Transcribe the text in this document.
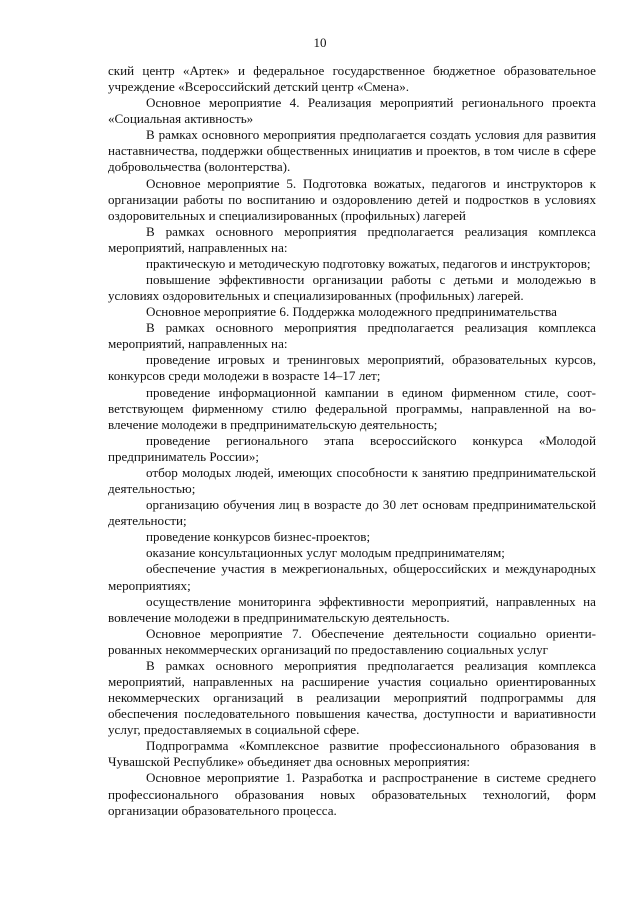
10

ский центр «Артек» и федеральное государственное бюджетное образовательное учреждение «Всероссийский детский центр «Смена».

Основное мероприятие 4. Реализация мероприятий регионального проекта «Социальная активность»

В рамках основного мероприятия предполагается создать условия для развития наставничества, поддержки общественных инициатив и проектов, в том числе в сфере добровольчества (волонтерства).

Основное мероприятие 5. Подготовка вожатых, педагогов и инструкторов к организации работы по воспитанию и оздоровлению детей и подростков в условиях оздоровительных и специализированных (профильных) лагерей

В рамках основного мероприятия предполагается реализация комплекса мероприятий, направленных на:

практическую и методическую подготовку вожатых, педагогов и инструкторов;

повышение эффективности организации работы с детьми и молодежью в условиях оздоровительных и специализированных (профильных) лагерей.

Основное мероприятие 6. Поддержка молодежного предпринимательства

В рамках основного мероприятия предполагается реализация комплекса мероприятий, направленных на:

проведение игровых и тренинговых мероприятий, образовательных курсов, конкурсов среди молодежи в возрасте 14–17 лет;

проведение информационной кампании в едином фирменном стиле, соответствующем фирменному стилю федеральной программы, направленной на вовлечение молодежи в предпринимательскую деятельность;

проведение регионального этапа всероссийского конкурса «Молодой предприниматель России»;

отбор молодых людей, имеющих способности к занятию предпринимательской деятельностью;

организацию обучения лиц в возрасте до 30 лет основам предпринимательской деятельности;

проведение конкурсов бизнес-проектов;

оказание консультационных услуг молодым предпринимателям;

обеспечение участия в межрегиональных, общероссийских и международных мероприятиях;

осуществление мониторинга эффективности мероприятий, направленных на вовлечение молодежи в предпринимательскую деятельность.

Основное мероприятие 7. Обеспечение деятельности социально ориентированных некоммерческих организаций по предоставлению социальных услуг

В рамках основного мероприятия предполагается реализация комплекса мероприятий, направленных на расширение участия социально ориентированных некоммерческих организаций в реализации мероприятий подпрограммы для обеспечения последовательного повышения качества, доступности и вариативности услуг, предоставляемых в социальной сфере.

Подпрограмма «Комплексное развитие профессионального образования в Чувашской Республике» объединяет два основных мероприятия:

Основное мероприятие 1. Разработка и распространение в системе среднего профессионального образования новых образовательных технологий, форм организации образовательного процесса.
